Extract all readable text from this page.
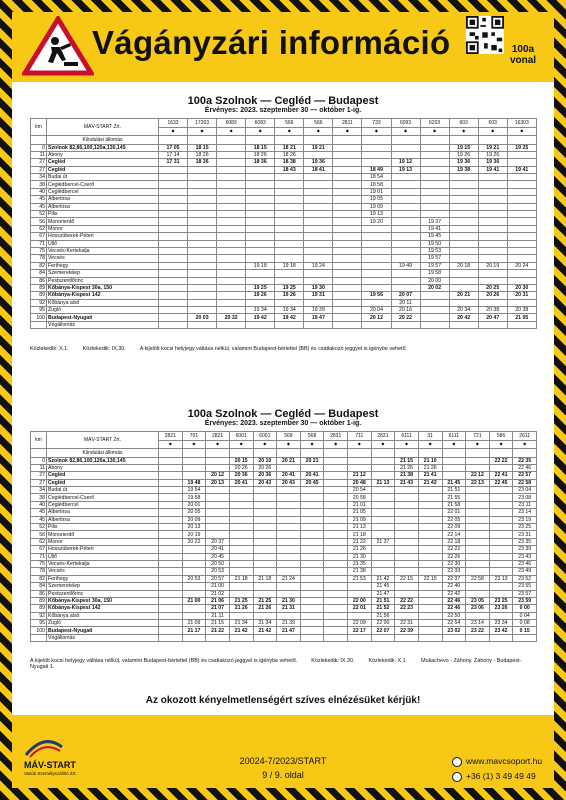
Vágányzári információ	100a
vonal
100a Szolnok — Cegléd — Budapest
Érvényes: 2023. szeptember 30 — október 1-ig.
km	MÁV-START Zrt.	1633	17203	6083	6083	566	566	2811	733	6093	6203	603	603	16303
		◆	◆	◆	◆	◆	◆	◆	◆	◆	◆	◆	◆	◆
	Kiindulási állomás													
0	Szolnok 82,86,100,120a,130,145	17 05	18 15		18 15	18 21	19 21					19 15	19 21	19 25
11	Abony	17 14	18 26		18 26	18 26						19 26	19 26	
27	Cegléd	17 31	18 36		18 36	18 38	19 36			19 12		19 36	19 36	
27	Cegléd					18 43	18 41		18 49	19 13		19 38	19 41	19 41
34	Budai út								18 54					
38	Ceglédbercel-Cserő								18 58					
40	Ceglédbercel								19 01					
45	Albertirsa								19 05					
45	Albertirsa								19 09					
52	Pilis								19 13					
56	Monorierdő								19 20		19 37			
62	Monor										19 41			
67	Hosszúberek-Péteri										19 45			
71	Üllő										19 50			
75	Vecsés-Kertekalja										19 53			
78	Vecsés										19 57			
82	Ferihegy				19 18	19 18	19 24			19 49	19 57	20 18	20 19	20 24
84	Szemeretelep										19 58			
86	Pestszentlőrinc										20 00			
89	Kőbánya-Kispest 30a, 150				19 25	19 25	19 30				20 02		20 25	20 30
89	Kőbánya-Kispest 142				19 26	19 26	19 31		19 56	20 07		20 21	20 26	20 31
92	Kőbánya alsó									20 11				
95	Zugló				19 34	19 34	19 39		20 04	20 16		20 34	20 38	20 38
100	Budapest-Nyugati		20 03	20 32	19 42	19 42	19 47		20 12	20 22		20 42	20 47	21 05
	Végállomás													
Közlekedik: X.1.	Közlekedik: IX.30.	A kijelölt kocsi helyjegy váltása nélkül, valamint Budapest-bérlettel (BB) és csatlakozó jeggyel is igénybe vehető.
100a Szolnok — Cegléd — Budapest
Érvényes: 2023. szeptember 30 — október 1-ig.
km	MÁV-START Zrt.	2821	701	2821	6001	6001	568	568	2831	711	2831	6111	31	6111	721	586	2611
		◆	◆	◆	◆	◆	◆	◆	◆	◆	◆	◆	◆	◆	◆	◆	◆
	Kiindulási állomás																
0	Szolnok 82,86,100,120a,130,145				20 15	20 10	20 21	20 21				21 15	21 10			22 22	22 35
11	Abony				20 26	20 26						21 26	21 26				22 46
27	Cegléd			20 12	20 36	20 36	20 41	20 41		21 12		21 38	21 41		22 12	22 41	22 57
27	Cegléd		19 48	20 13	20 41	20 43	20 43	20 45		20 48	21 13	21 43	21 43	21 45	22 13	22 45	22 58
34	Budai út		19 54							20 54				21 51			23 04
38	Ceglédbercel-Cserő		19 58							20 58				21 55			23 08
40	Ceglédbercel		20 01							21 01				21 58			23 11
45	Albertirsa		20 05							21 05				22 01			23 14
45	Albertirsa		20 09							21 09				22 05			23 19
52	Pilis		20 13							21 13				22 09			23 25
56	Monorierdő		20 19							21 18				22 14			23 31
62	Monor		20 22	20 37						21 22	21 37			22 18			23 35
67	Hosszúberek-Péteri			20 41						21 26				22 22			23 39
71	Üllő			20 45						21 30				22 26			23 43
75	Vecsés-Kertekalja			20 50						21 35				22 30			23 46
78	Vecsés			20 53						21 38				22 33			23 49
82	Ferihegy		20 53	20 57	21 18	21 18	21 24			21 53	21 42	22 15	22 15	22 37	22 58	23 13	23 52
84	Szemeretelep			21 00							21 45			22 40			23 55
86	Pestszentlőrinc			21 02							21 47			22 42			23 57
89	Kőbánya-Kispest 30a, 150		21 00	21 06	21 25	21 25	21 30			22 00	21 51	22 22		22 46	23 05	23 25	23 59
89	Kőbánya-Kispest 142			21 07	21 26	21 26	21 31			22 01	21 52	22 23		22 46	23 06	23 26	0 00
92	Kőbánya alsó			21 11							21 56			22 50			0 04
95	Zugló		21 09	21 15	21 34	21 34	21 39			22 09	22 00	22 31		22 54	23 14	23 34	0 08
100	Budapest-Nyugati		21 17	21 22	21 42	21 42	21 47			22 17	22 07	22 39		23 02	23 22	23 42	0 15
	Végállomás																
A kijelölt kocsi helyjegy váltása nélkül, valamint Budapest-bérlettel (BB) és csatlakozó jeggyel is igénybe vehető.	Közlekedik: IX.30.	Közlekedik: X.1.	Mukachevo - Záhony. Záhony - Budapest-Nyugati 1.
Az okozott kényelmetlenségért szíves elnézésüket kérjük!
MÁV-START
Vasúti Személyszállító Zrt.
20024-7/2023/START
9 / 9. oldal
www.mavcsoport.hu
+36 (1) 3 49 49 49
